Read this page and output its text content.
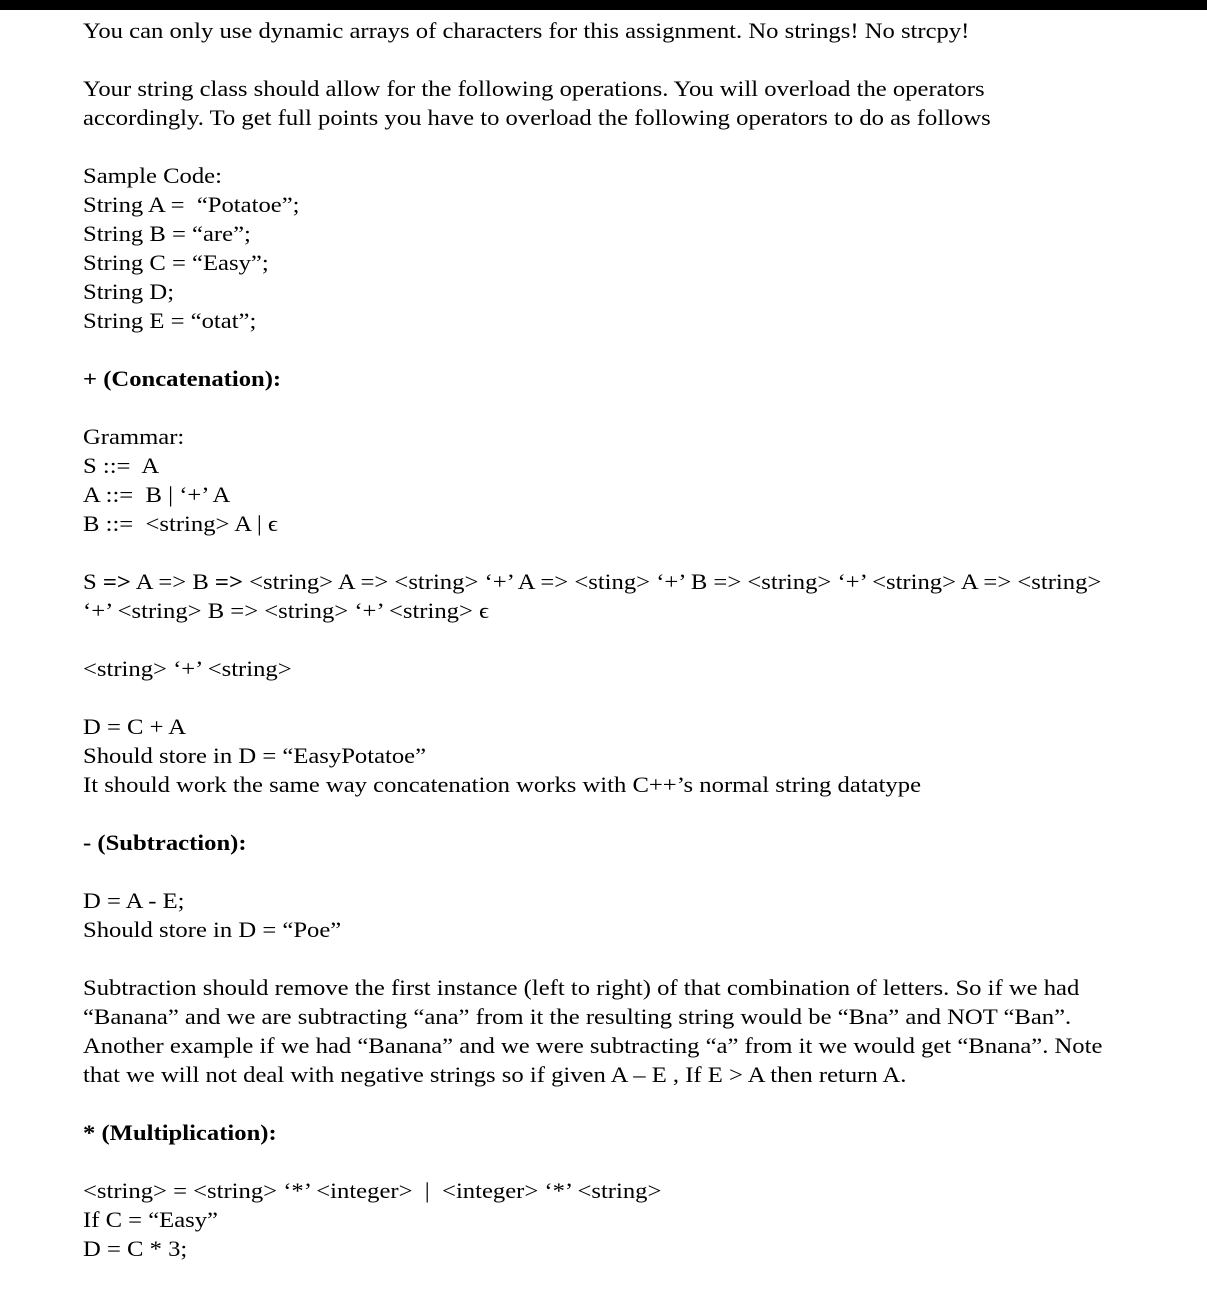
You can only use dynamic arrays of characters for this assignment. No strings! No strcpy!

Your string class should allow for the following operations. You will overload the operators

accordingly. To get full points you have to overload the following operators to do as follows

Sample Code:

String A =  “Potatoe”;

String B = “are”;

String C = “Easy”;

String D;

String E = “otat”;

+ (Concatenation):

Grammar:

S ::=  A

A ::=  B | ‘+’ A

B ::=  <string> A | ϵ

S => A => B => <string> A => <string> ‘+’ A => <sting> ‘+’ B => <string> ‘+’ <string> A => <string>

‘+’ <string> B => <string> ‘+’ <string> ϵ

<string> ‘+’ <string>

D = C + A

Should store in D = “EasyPotatoe”

It should work the same way concatenation works with C++’s normal string datatype

- (Subtraction):

D = A - E;

Should store in D = “Poe”

Subtraction should remove the first instance (left to right) of that combination of letters. So if we had

“Banana” and we are subtracting “ana” from it the resulting string would be “Bna” and NOT “Ban”.

Another example if we had “Banana” and we were subtracting “a” from it we would get “Bnana”. Note

that we will not deal with negative strings so if given A – E , If E > A then return A.

* (Multiplication):

<string> = <string> ‘*’ <integer>  |  <integer> ‘*’ <string>

If C = “Easy”

D = C * 3;
